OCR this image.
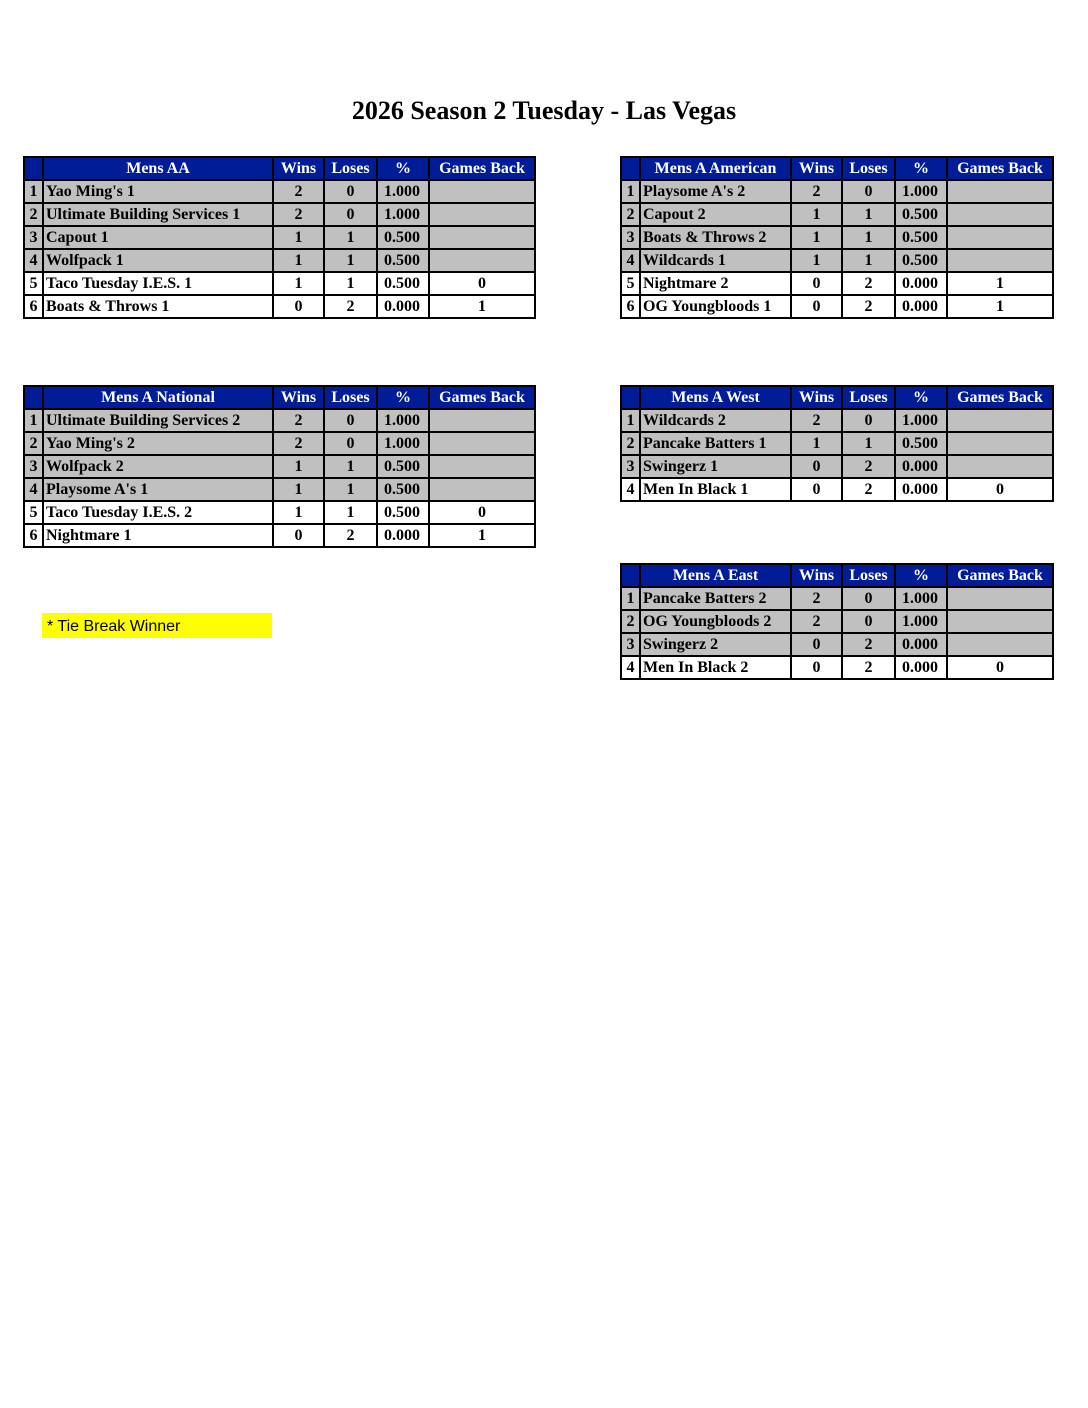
2026 Season 2 Tuesday - Las Vegas
	Mens AA	Wins	Loses	%	Games Back
1	Yao Ming's 1	2	0	1.000	
2	Ultimate Building Services 1	2	0	1.000	
3	Capout 1	1	1	0.500	
4	Wolfpack 1	1	1	0.500	
5	Taco Tuesday I.E.S. 1	1	1	0.500	0
6	Boats & Throws 1	0	2	0.000	1
	Mens A American	Wins	Loses	%	Games Back
1	Playsome A's 2	2	0	1.000	
2	Capout 2	1	1	0.500	
3	Boats & Throws 2	1	1	0.500	
4	Wildcards 1	1	1	0.500	
5	Nightmare 2	0	2	0.000	1
6	OG Youngbloods 1	0	2	0.000	1
	Mens A National	Wins	Loses	%	Games Back
1	Ultimate Building Services 2	2	0	1.000	
2	Yao Ming's 2	2	0	1.000	
3	Wolfpack 2	1	1	0.500	
4	Playsome A's 1	1	1	0.500	
5	Taco Tuesday I.E.S. 2	1	1	0.500	0
6	Nightmare 1	0	2	0.000	1
	Mens A West	Wins	Loses	%	Games Back
1	Wildcards 2	2	0	1.000	
2	Pancake Batters 1	1	1	0.500	
3	Swingerz 1	0	2	0.000	
4	Men In Black 1	0	2	0.000	0
	Mens A East	Wins	Loses	%	Games Back
1	Pancake Batters 2	2	0	1.000	
2	OG Youngbloods 2	2	0	1.000	
3	Swingerz 2	0	2	0.000	
4	Men In Black 2	0	2	0.000	0
* Tie Break Winner
